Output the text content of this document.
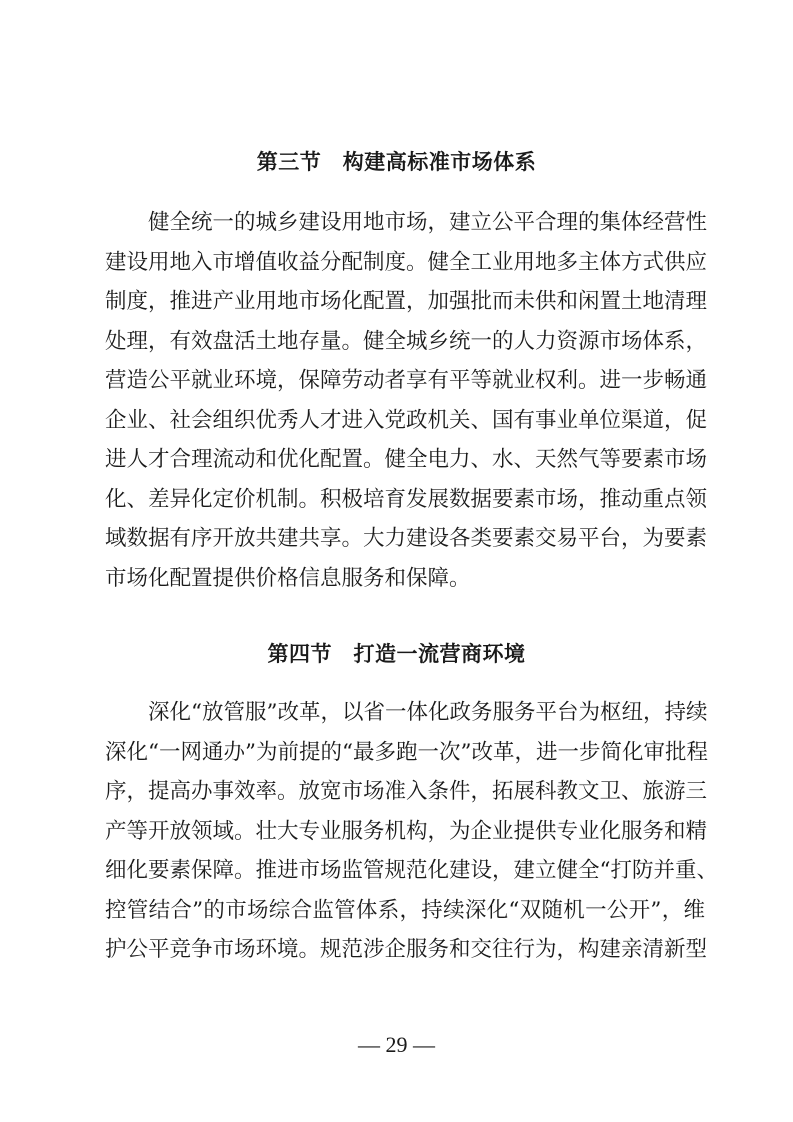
第三节　构建高标准市场体系
健全统一的城乡建设用地市场，建立公平合理的集体经营性
建设用地入市增值收益分配制度。健全工业用地多主体方式供应
制度，推进产业用地市场化配置，加强批而未供和闲置土地清理
处理，有效盘活土地存量。健全城乡统一的人力资源市场体系，
营造公平就业环境，保障劳动者享有平等就业权利。进一步畅通
企业、社会组织优秀人才进入党政机关、国有事业单位渠道，促
进人才合理流动和优化配置。健全电力、水、天然气等要素市场
化、差异化定价机制。积极培育发展数据要素市场，推动重点领
域数据有序开放共建共享。大力建设各类要素交易平台，为要素
市场化配置提供价格信息服务和保障。
第四节　打造一流营商环境
深化“放管服”改革，以省一体化政务服务平台为枢纽，持续
深化“一网通办”为前提的“最多跑一次”改革，进一步简化审批程
序，提高办事效率。放宽市场准入条件，拓展科教文卫、旅游三
产等开放领域。壮大专业服务机构，为企业提供专业化服务和精
细化要素保障。推进市场监管规范化建设，建立健全“打防并重、
控管结合”的市场综合监管体系，持续深化“双随机一公开”，维
护公平竞争市场环境。规范涉企服务和交往行为，构建亲清新型
— 29 —
